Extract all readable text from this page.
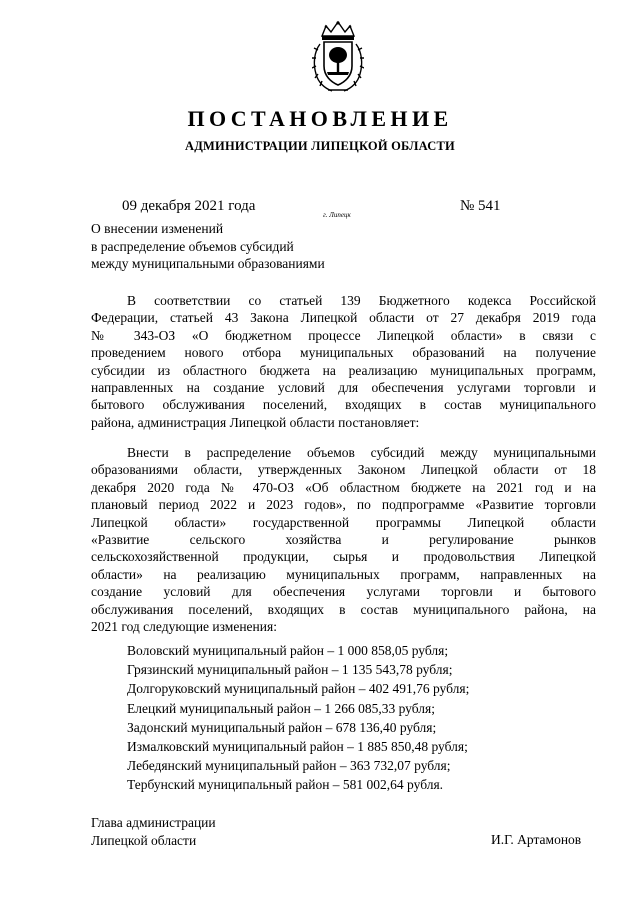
ПОСТАНОВЛЕНИЕ
АДМИНИСТРАЦИИ ЛИПЕЦКОЙ ОБЛАСТИ
09 декабря 2021 года
г. Липецк
№ 541
О внесении изменений
в распределение объемов субсидий
между муниципальными образованиями
В соответствии со статьей 139 Бюджетного кодекса Российской
Федерации, статьей 43 Закона Липецкой области от 27 декабря 2019 года
№ 343-ОЗ «О бюджетном процессе Липецкой области» в связи с
проведением нового отбора муниципальных образований на получение
субсидии из областного бюджета на реализацию муниципальных программ,
направленных на создание условий для обеспечения услугами торговли и
бытового обслуживания поселений, входящих в состав муниципального
района, администрация Липецкой области постановляет:
Внести в распределение объемов субсидий между муниципальными
образованиями области, утвержденных Законом Липецкой области от 18
декабря 2020 года № 470-ОЗ «Об областном бюджете на 2021 год и на
плановый период 2022 и 2023 годов», по подпрограмме «Развитие торговли
Липецкой области» государственной программы Липецкой области
«Развитие сельского хозяйства и регулирование рынков
сельскохозяйственной продукции, сырья и продовольствия Липецкой
области» на реализацию муниципальных программ, направленных на
создание условий для обеспечения услугами торговли и бытового
обслуживания поселений, входящих в состав муниципального района, на
2021 год следующие изменения:
Воловский муниципальный район – 1 000 858,05 рубля;
Грязинский муниципальный район – 1 135 543,78 рубля;
Долгоруковский муниципальный район – 402 491,76 рубля;
Елецкий муниципальный район – 1 266 085,33 рубля;
Задонский муниципальный район – 678 136,40 рубля;
Измалковский муниципальный район – 1 885 850,48 рубля;
Лебедянский муниципальный район – 363 732,07 рубля;
Тербунский муниципальный район – 581 002,64 рубля.
Глава администрации
Липецкой области	И.Г. Артамонов
